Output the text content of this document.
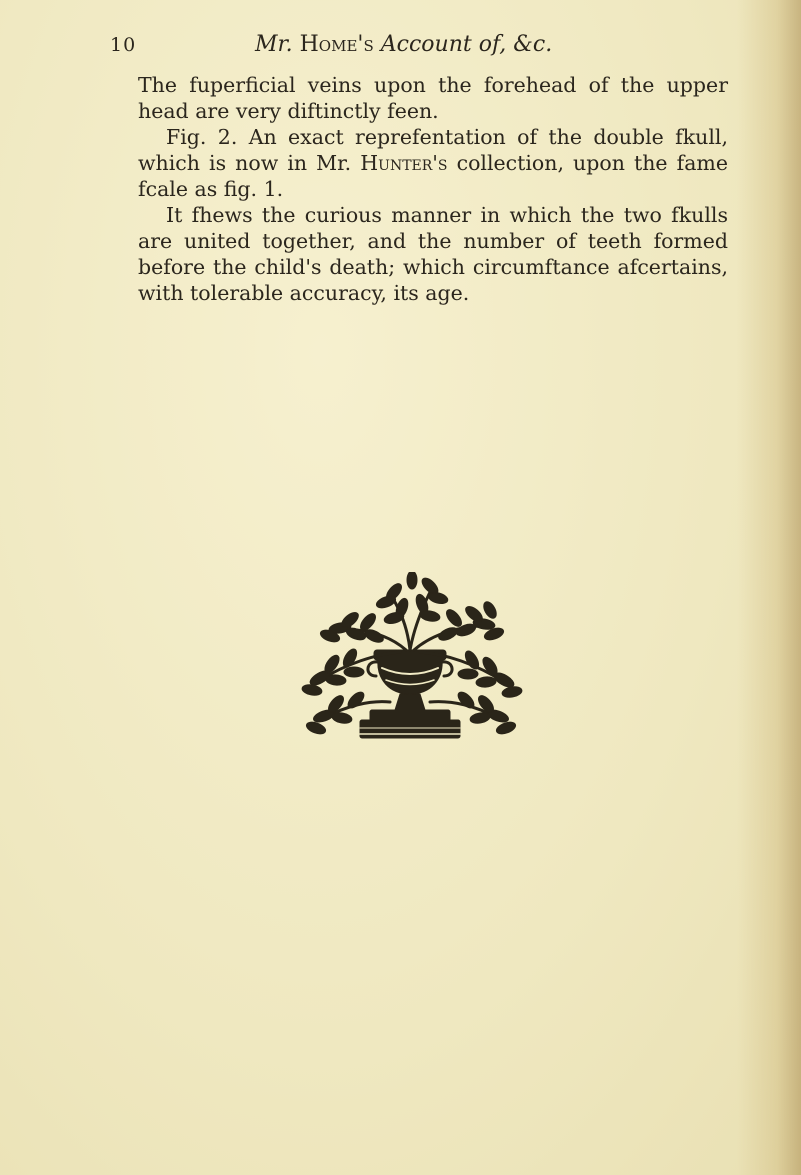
10	Mr. Home's Account of, &c.

The fuperficial veins upon the forehead of the upper head are very diftinctly feen.

Fig. 2. An exact reprefentation of the double fkull, which is now in Mr. Hunter's collection, upon the fame fcale as fig. 1.

It fhews the curious manner in which the two fkulls are united together, and the number of teeth formed before the child's death; which circumftance afcertains, with tolerable accuracy, its age.
